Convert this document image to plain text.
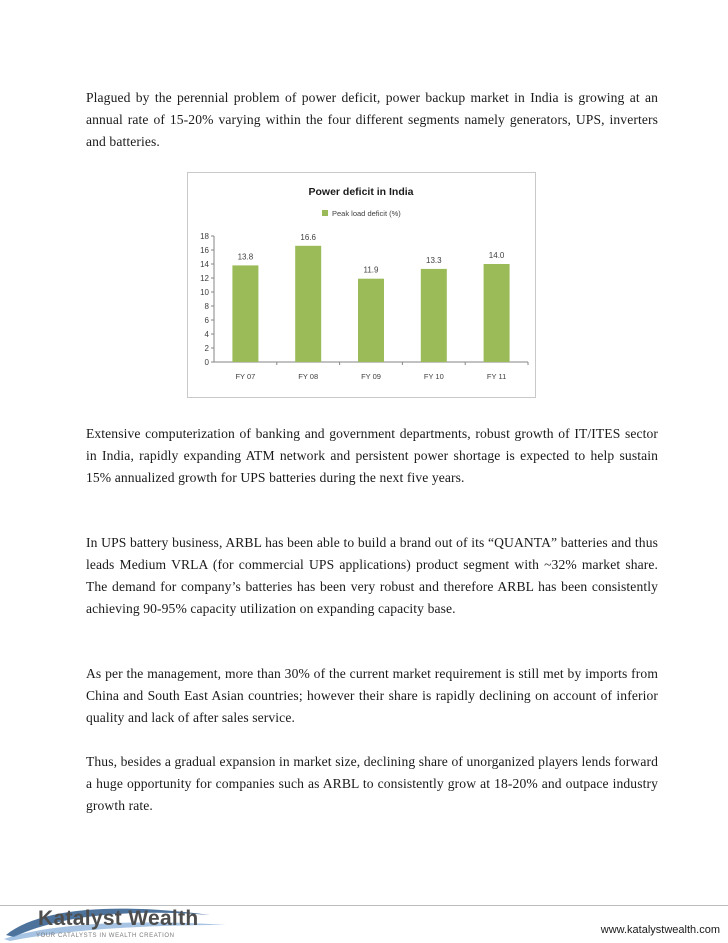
Plagued by the perennial problem of power deficit, power backup market in India is growing at an annual rate of 15-20% varying within the four different segments namely generators, UPS, inverters and batteries.

Power deficit in India
Peak load deficit (%)
0
2
4
6
8
10
12
14
16
18
FY 07	FY 08	FY 09	FY 10	FY 11
13.8
16.6
11.9
13.3
14.0

Extensive computerization of banking and government departments, robust growth of IT/ITES sector in India, rapidly expanding ATM network and persistent power shortage is expected to help sustain 15% annualized growth for UPS batteries during the next five years.

In UPS battery business, ARBL has been able to build a brand out of its “QUANTA” batteries and thus leads Medium VRLA (for commercial UPS applications) product segment with ~32% market share. The demand for company’s batteries has been very robust and therefore ARBL has been consistently achieving 90-95% capacity utilization on expanding capacity base.

As per the management, more than 30% of the current market requirement is still met by imports from China and South East Asian countries; however their share is rapidly declining on account of inferior quality and lack of after sales service.

Thus, besides a gradual expansion in market size, declining share of unorganized players lends forward a huge opportunity for companies such as ARBL to consistently grow at 18-20% and outpace industry growth rate.

Katalyst Wealth
YOUR CATALYSTS IN WEALTH CREATION	www.katalystwealth.com
